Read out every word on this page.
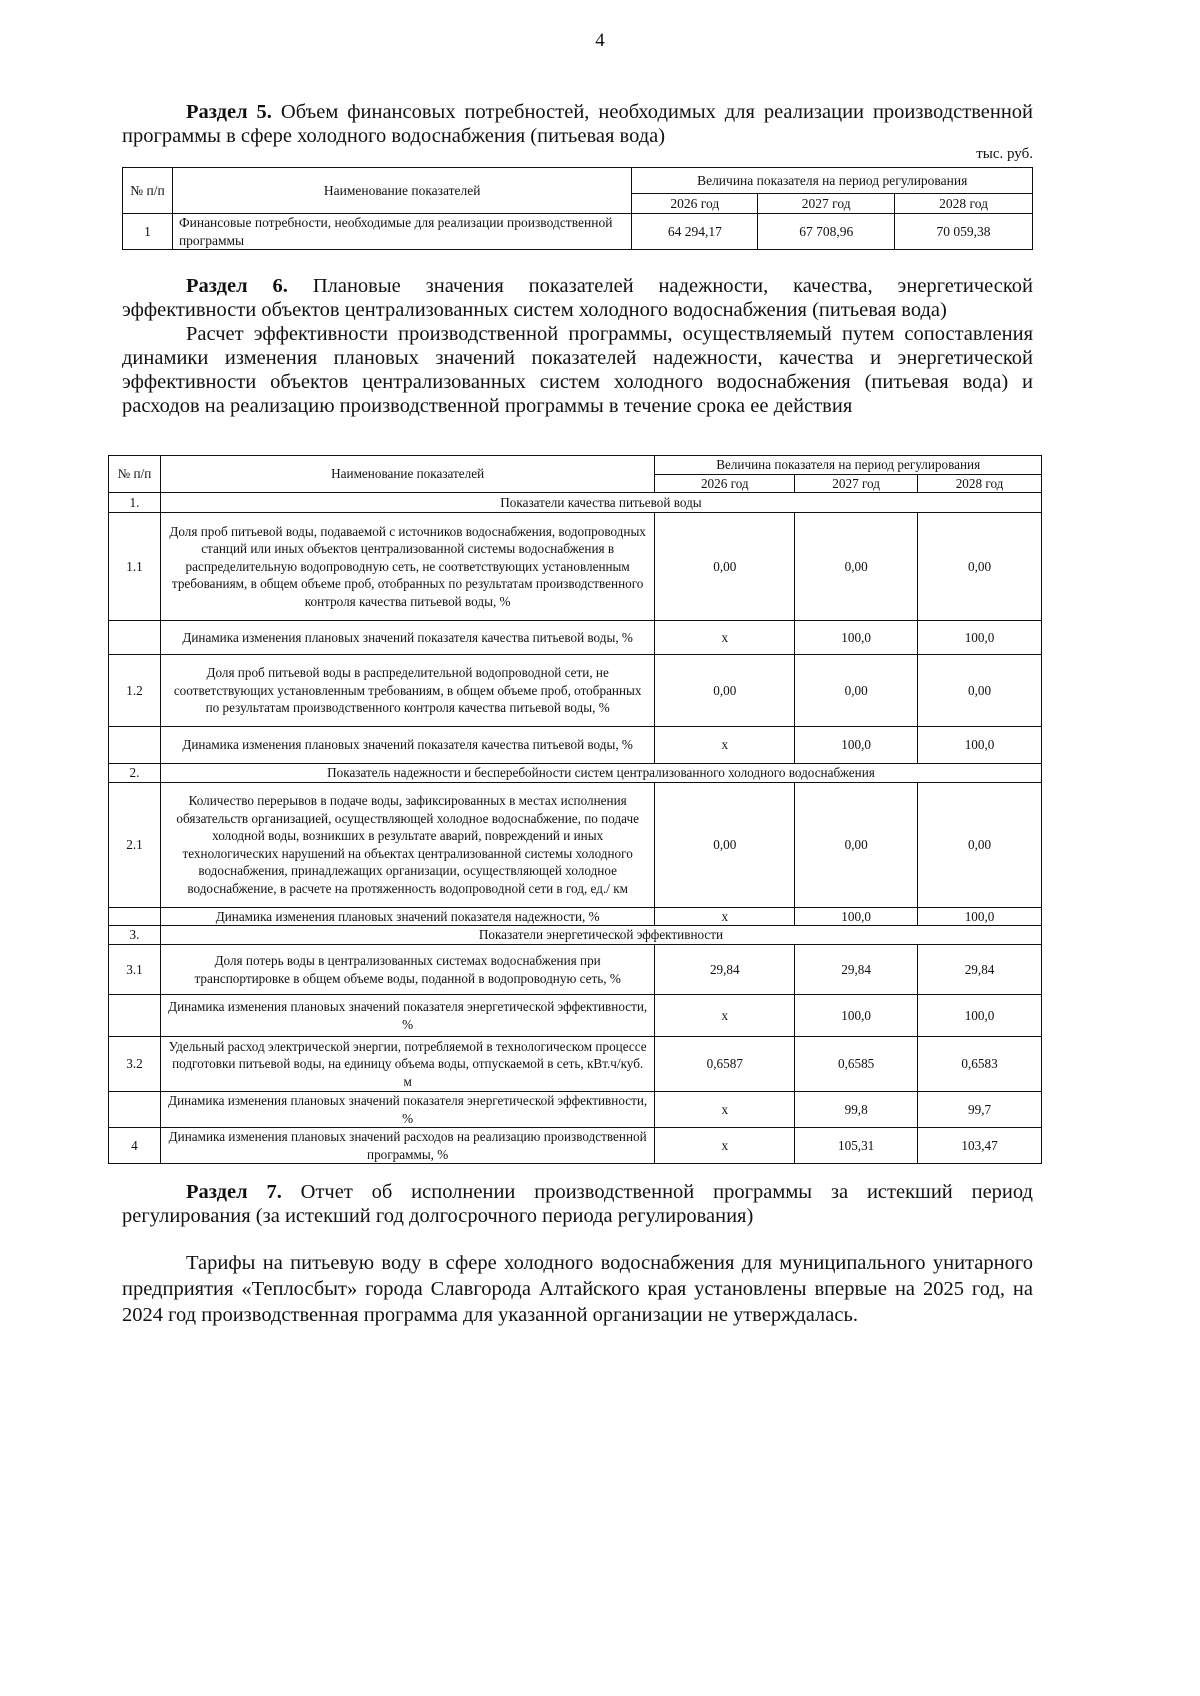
4
Раздел 5. Объем финансовых потребностей, необходимых для реализации производственной программы в сфере холодного водоснабжения (питьевая вода)
тыс. руб.
№ п/п	Наименование показателей	Величина показателя на период регулирования		
		2026 год	2027 год	2028 год
1	Финансовые потребности, необходимые для реализации производственной программы	64 294,17	67 708,96	70 059,38
Раздел 6. Плановые значения показателей надежности, качества, энергетической эффективности объектов централизованных систем холодного водоснабжения (питьевая вода)
Расчет эффективности производственной программы, осуществляемый путем сопоставления динамики изменения плановых значений показателей надежности, качества и энергетической эффективности объектов централизованных систем холодного водоснабжения (питьевая вода) и расходов на реализацию производственной программы в течение срока ее действия
№ п/п	Наименование показателей	Величина показателя на период регулирования		
		2026 год	2027 год	2028 год
1.	Показатели качества питьевой воды			
1.1	Доля проб питьевой воды, подаваемой с источников водоснабжения, водопроводных станций или иных объектов централизованной системы водоснабжения в распределительную водопроводную сеть, не соответствующих установленным требованиям, в общем объеме проб, отобранных по результатам производственного контроля качества питьевой воды, %	0,00	0,00	0,00
	Динамика изменения плановых значений показателя качества питьевой воды, %	x	100,0	100,0
1.2	Доля проб питьевой воды в распределительной водопроводной сети, не соответствующих установленным требованиям, в общем объеме проб, отобранных по результатам производственного контроля качества питьевой воды, %	0,00	0,00	0,00
	Динамика изменения плановых значений показателя качества питьевой воды, %	x	100,0	100,0
2.	Показатель надежности и бесперебойности систем централизованного холодного водоснабжения			
2.1	Количество перерывов в подаче воды, зафиксированных в местах исполнения обязательств организацией, осуществляющей холодное водоснабжение, по подаче холодной воды, возникших в результате аварий, повреждений и иных технологических нарушений на объектах централизованной системы холодного водоснабжения, принадлежащих организации, осуществляющей холодное водоснабжение, в расчете на протяженность водопроводной сети в год, ед./ км	0,00	0,00	0,00
	Динамика изменения плановых значений показателя надежности, %	x	100,0	100,0
3.	Показатели энергетической эффективности			
3.1	Доля потерь воды в централизованных системах водоснабжения при транспортировке в общем объеме воды, поданной в водопроводную сеть, %	29,84	29,84	29,84
	Динамика изменения плановых значений показателя энергетической эффективности, %	x	100,0	100,0
3.2	Удельный расход электрической энергии, потребляемой в технологическом процессе подготовки питьевой воды, на единицу объема воды, отпускаемой в сеть, кВт.ч/куб. м	0,6587	0,6585	0,6583
	Динамика изменения плановых значений показателя энергетической эффективности, %	x	99,8	99,7
4	Динамика изменения плановых значений расходов на реализацию производственной программы, %	x	105,31	103,47
Раздел 7. Отчет об исполнении производственной программы за истекший период регулирования (за истекший год долгосрочного периода регулирования)
Тарифы на питьевую воду в сфере холодного водоснабжения для муниципального унитарного предприятия «Теплосбыт» города Славгорода Алтайского края установлены впервые на 2025 год, на 2024 год производственная программа для указанной организации не утверждалась.
